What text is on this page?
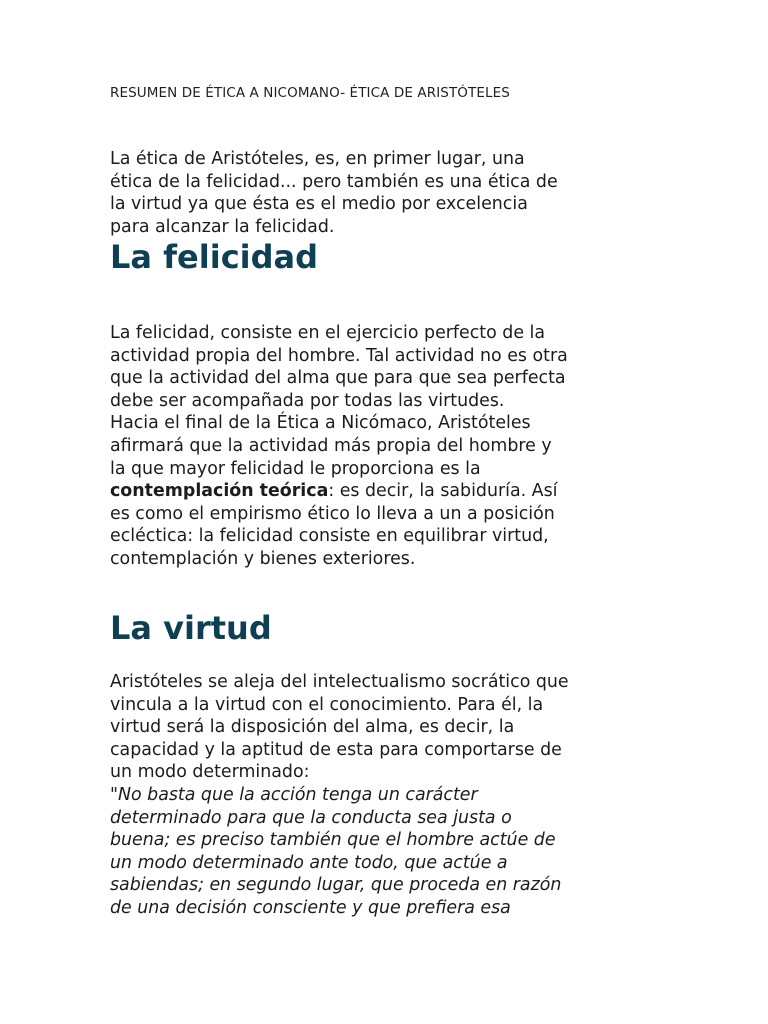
RESUMEN DE ÉTICA A NICOMANO- ÉTICA DE ARISTÓTELES
La ética de Aristóteles, es, en primer lugar, una
ética de la felicidad... pero también es una ética de
la virtud ya que ésta es el medio por excelencia
para alcanzar la felicidad.
La felicidad
La felicidad, consiste en el ejercicio perfecto de la
actividad propia del hombre. Tal actividad no es otra
que la actividad del alma que para que sea perfecta
debe ser acompañada por todas las virtudes.
Hacia el final de la Ética a Nicómaco, Aristóteles
afirmará que la actividad más propia del hombre y
la que mayor felicidad le proporciona es la
contemplación teórica: es decir, la sabiduría. Así
es como el empirismo ético lo lleva a un a posición
ecléctica: la felicidad consiste en equilibrar virtud,
contemplación y bienes exteriores.
La virtud
Aristóteles se aleja del intelectualismo socrático que
vincula a la virtud con el conocimiento. Para él, la
virtud será la disposición del alma, es decir, la
capacidad y la aptitud de esta para comportarse de
un modo determinado:
"No basta que la acción tenga un carácter
determinado para que la conducta sea justa o
buena; es preciso también que el hombre actúe de
un modo determinado ante todo, que actúe a
sabiendas; en segundo lugar, que proceda en razón
de una decisión consciente y que prefiera esa
